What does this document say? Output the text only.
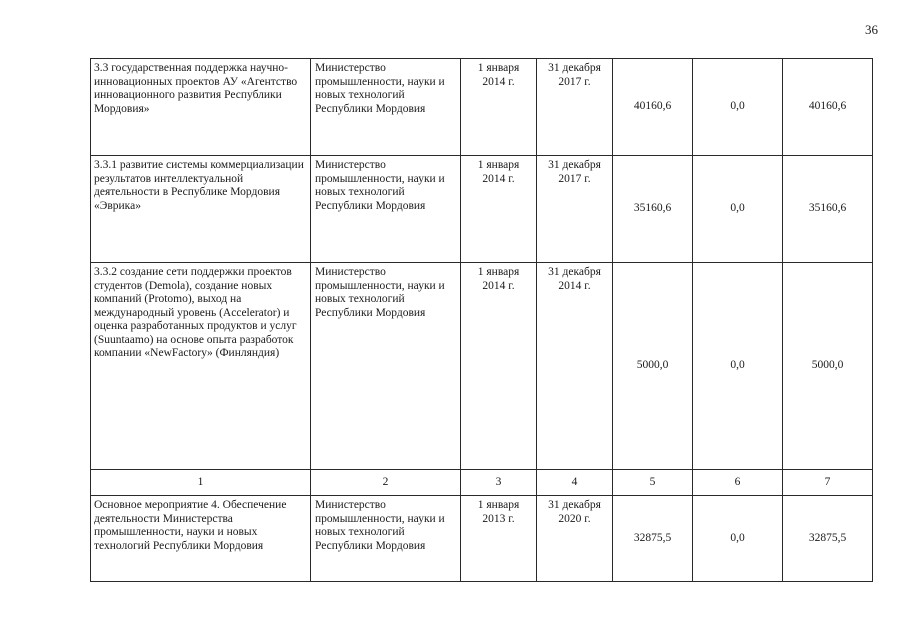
36
3.3 государственная поддержка научно-инновационных проектов АУ «Агентство инновационного развития Республики Мордовия»	Министерство промышленности, науки и новых технологий Республики Мордовия	1 января 2014 г.	31 декабря 2017 г.	40160,6	0,0	40160,6
3.3.1 развитие системы коммерциализации результатов интеллектуальной деятельности в Республике Мордовия «Эврика»	Министерство промышленности, науки и новых технологий Республики Мордовия	1 января 2014 г.	31 декабря 2017 г.	35160,6	0,0	35160,6
3.3.2 создание сети поддержки проектов студентов (Demola), создание новых компаний (Protomo), выход на международный уровень (Accelerator) и оценка разработанных продуктов и услуг (Suuntaamo) на основе опыта разработок компании «NewFactory» (Финляндия)	Министерство промышленности, науки и новых технологий Республики Мордовия	1 января 2014 г.	31 декабря 2014 г.	5000,0	0,0	5000,0
1	2	3	4	5	6	7
Основное мероприятие 4. Обеспечение деятельности Министерства промышленности, науки и новых технологий Республики Мордовия	Министерство промышленности, науки и новых технологий Республики Мордовия	1 января 2013 г.	31 декабря 2020 г.	32875,5	0,0	32875,5
